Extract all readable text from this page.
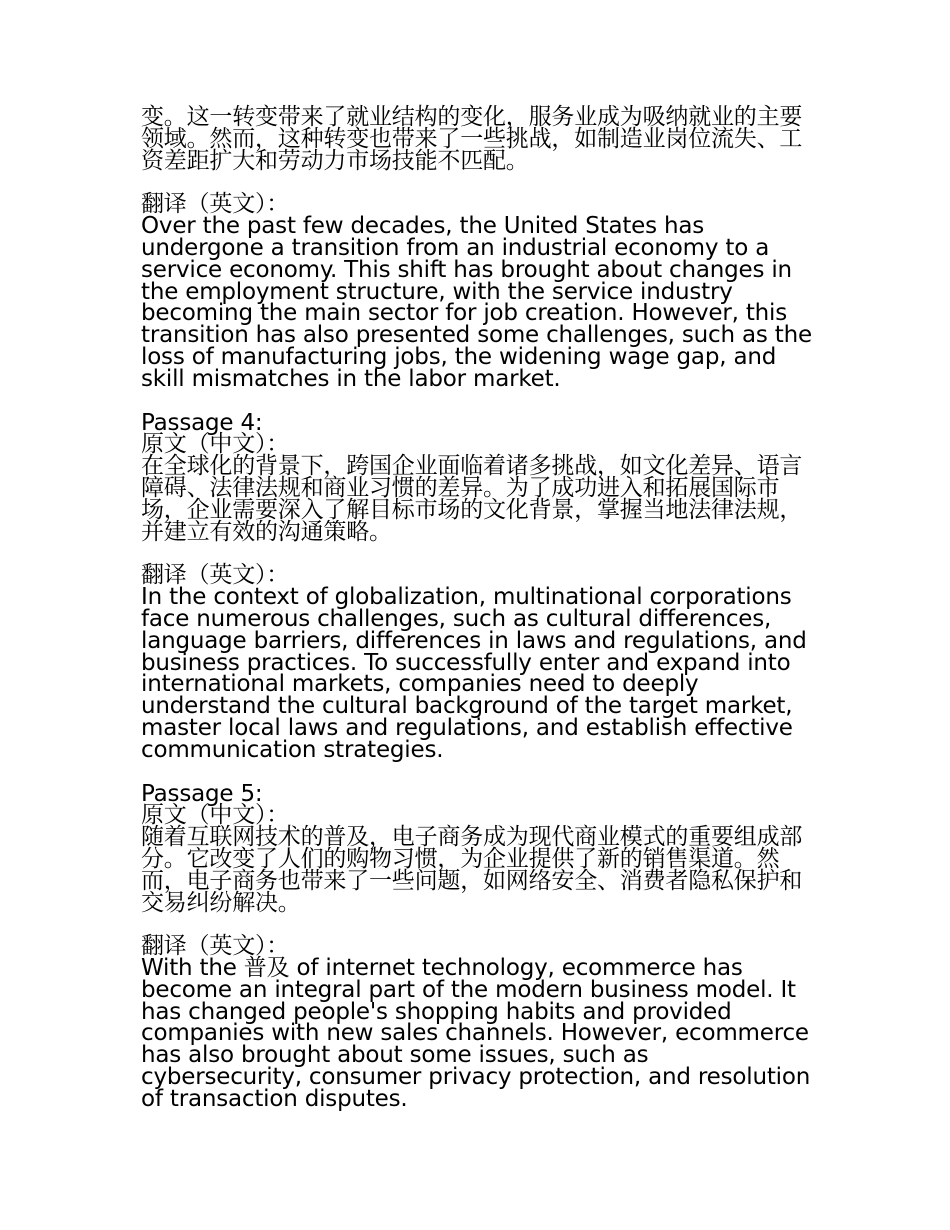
变。这一转变带来了就业结构的变化，服务业成为吸纳就业的主要领域。然而，这种转变也带来了一些挑战，如制造业岗位流失、工资差距扩大和劳动力市场技能不匹配。

翻译（英文）：

Over the past few decades, the United States has undergone a transition from an industrial economy to a service economy. This shift has brought about changes in the employment structure, with the service industry becoming the main sector for job creation. However, this transition has also presented some challenges, such as the loss of manufacturing jobs, the widening wage gap, and skill mismatches in the labor market.

Passage 4:
原文（中文）：

在全球化的背景下，跨国企业面临着诸多挑战，如文化差异、语言障碍、法律法规和商业习惯的差异。为了成功进入和拓展国际市场，企业需要深入了解目标市场的文化背景，掌握当地法律法规，并建立有效的沟通策略。

翻译（英文）：

In the context of globalization, multinational corporations face numerous challenges, such as cultural differences, language barriers, differences in laws and regulations, and business practices. To successfully enter and expand into international markets, companies need to deeply understand the cultural background of the target market, master local laws and regulations, and establish effective communication strategies.

Passage 5:
原文（中文）：

随着互联网技术的普及，电子商务成为现代商业模式的重要组成部分。它改变了人们的购物习惯，为企业提供了新的销售渠道。然而，电子商务也带来了一些问题，如网络安全、消费者隐私保护和交易纠纷解决。

翻译（英文）：

With the 普及 of internet technology, ecommerce has become an integral part of the modern business model. It has changed people's shopping habits and provided companies with new sales channels. However, ecommerce has also brought about some issues, such as cybersecurity, consumer privacy protection, and resolution of transaction disputes.
